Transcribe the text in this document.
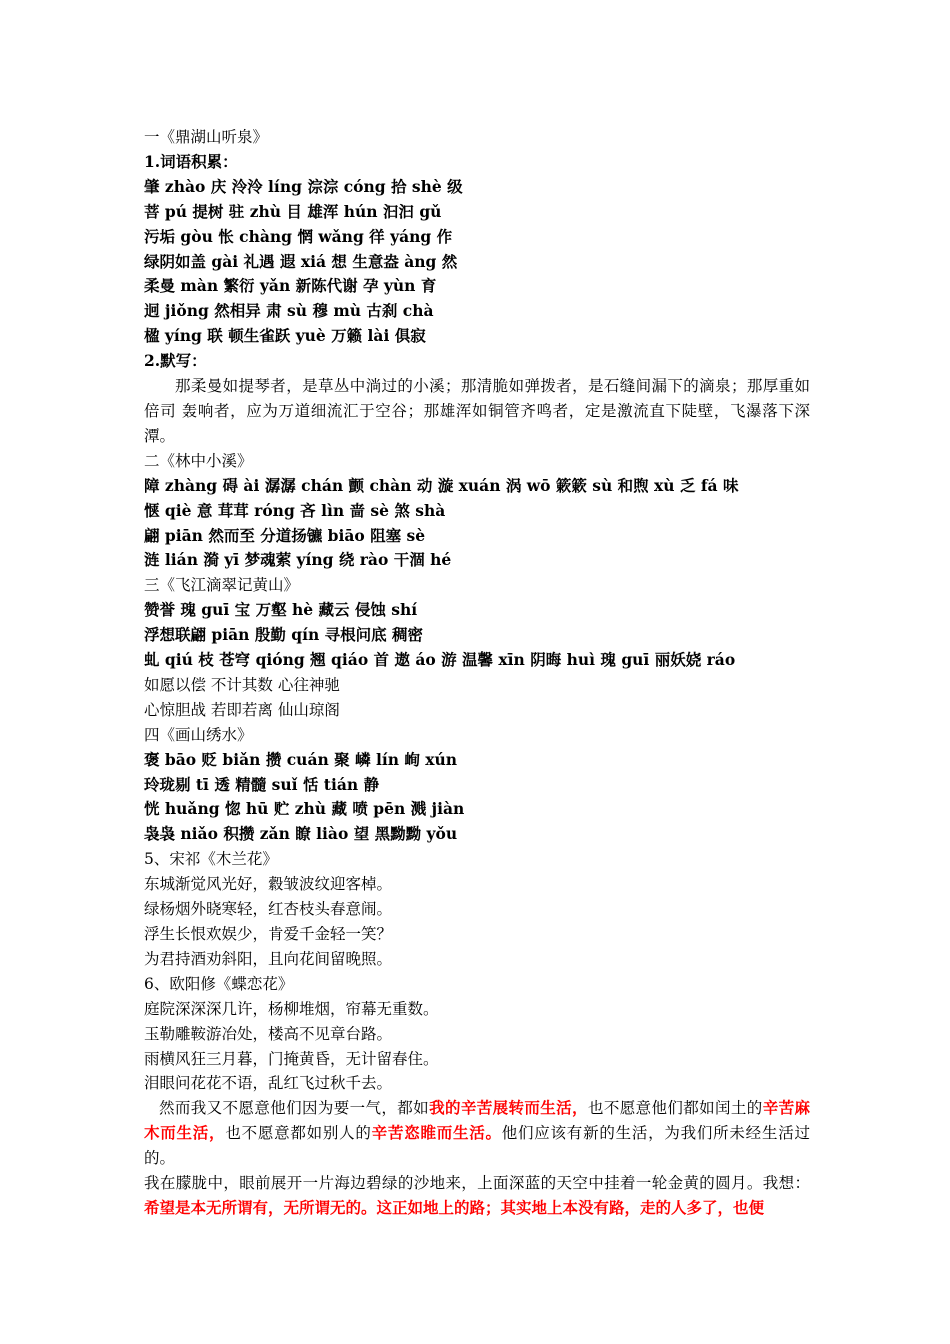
一《鼎湖山听泉》
1.词语积累：
肇 zhào 庆 泠泠 líng 淙淙 cóng 拾 shè 级
菩 pú 提树 驻 zhù 目 雄浑 hún 汩汩 gǔ
污垢 gòu 怅 chàng 惘 wǎng 徉 yáng 作
绿阴如盖 gài 礼遇 遐 xiá 想 生意盎 àng 然
柔曼 màn 繁衍 yǎn 新陈代谢 孕 yùn 育
迥 jiǒng 然相异 肃 sù 穆 mù 古刹 chà
楹 yíng 联 顿生雀跃 yuè 万籁 lài 俱寂
2.默写：
那柔曼如提琴者，是草丛中淌过的小溪；那清脆如弹拨者，是石缝间漏下的滴泉；那厚重如倍司 轰响者，应为万道细流汇于空谷；那雄浑如铜管齐鸣者，定是激流直下陡壁，飞瀑落下深潭。
二《林中小溪》
障 zhàng 碍 ài 潺潺 chán 颤 chàn 动 漩 xuán 涡 wō 簌簌 sù 和煦 xù 乏 fá 味
惬 qiè 意 茸茸 róng 吝 lìn 啬 sè 煞 shà
翩 piān 然而至 分道扬镳 biāo 阻塞 sè
涟 lián 漪 yī 梦魂萦 yíng 绕 rào 干涸 hé
三《飞江滴翠记黄山》
赞誉 瑰 guī 宝 万壑 hè 藏云 侵蚀 shí
浮想联翩 piān 殷勤 qín 寻根问底 稠密
虬 qiú 枝 苍穹 qióng 翘 qiáo 首 遨 áo 游 温馨 xīn 阴晦 huì 瑰 guī 丽妖娆 ráo
如愿以偿 不计其数 心往神驰
心惊胆战 若即若离 仙山琼阁
四《画山绣水》
褒 bāo 贬 biǎn 攒 cuán 聚 嶙 lín 峋 xún
玲珑剔 tī 透 精髓 suǐ 恬 tián 静
恍 huǎng 惚 hū 贮 zhù 藏 喷 pēn 溅 jiàn
袅袅 niǎo 积攒 zǎn 瞭 liào 望 黑黝黝 yǒu
5、宋祁《木兰花》
东城渐觉风光好，縠皱波纹迎客棹。
绿杨烟外晓寒轻，红杏枝头春意闹。
浮生长恨欢娱少，肯爱千金轻一笑？
为君持酒劝斜阳，且向花间留晚照。
6、欧阳修《蝶恋花》
庭院深深深几许，杨柳堆烟，帘幕无重数。
玉勒雕鞍游冶处，楼高不见章台路。
雨横风狂三月暮，门掩黄昏，无计留春住。
泪眼问花花不语，乱红飞过秋千去。
然而我又不愿意他们因为要一气，都如我的辛苦展转而生活，也不愿意他们都如闰土的辛苦麻木而生活，也不愿意都如别人的辛苦恣睢而生活。他们应该有新的生活，为我们所未经生活过的。
我在朦胧中，眼前展开一片海边碧绿的沙地来，上面深蓝的天空中挂着一轮金黄的圆月。我想：希望是本无所谓有，无所谓无的。这正如地上的路；其实地上本没有路，走的人多了，也便
